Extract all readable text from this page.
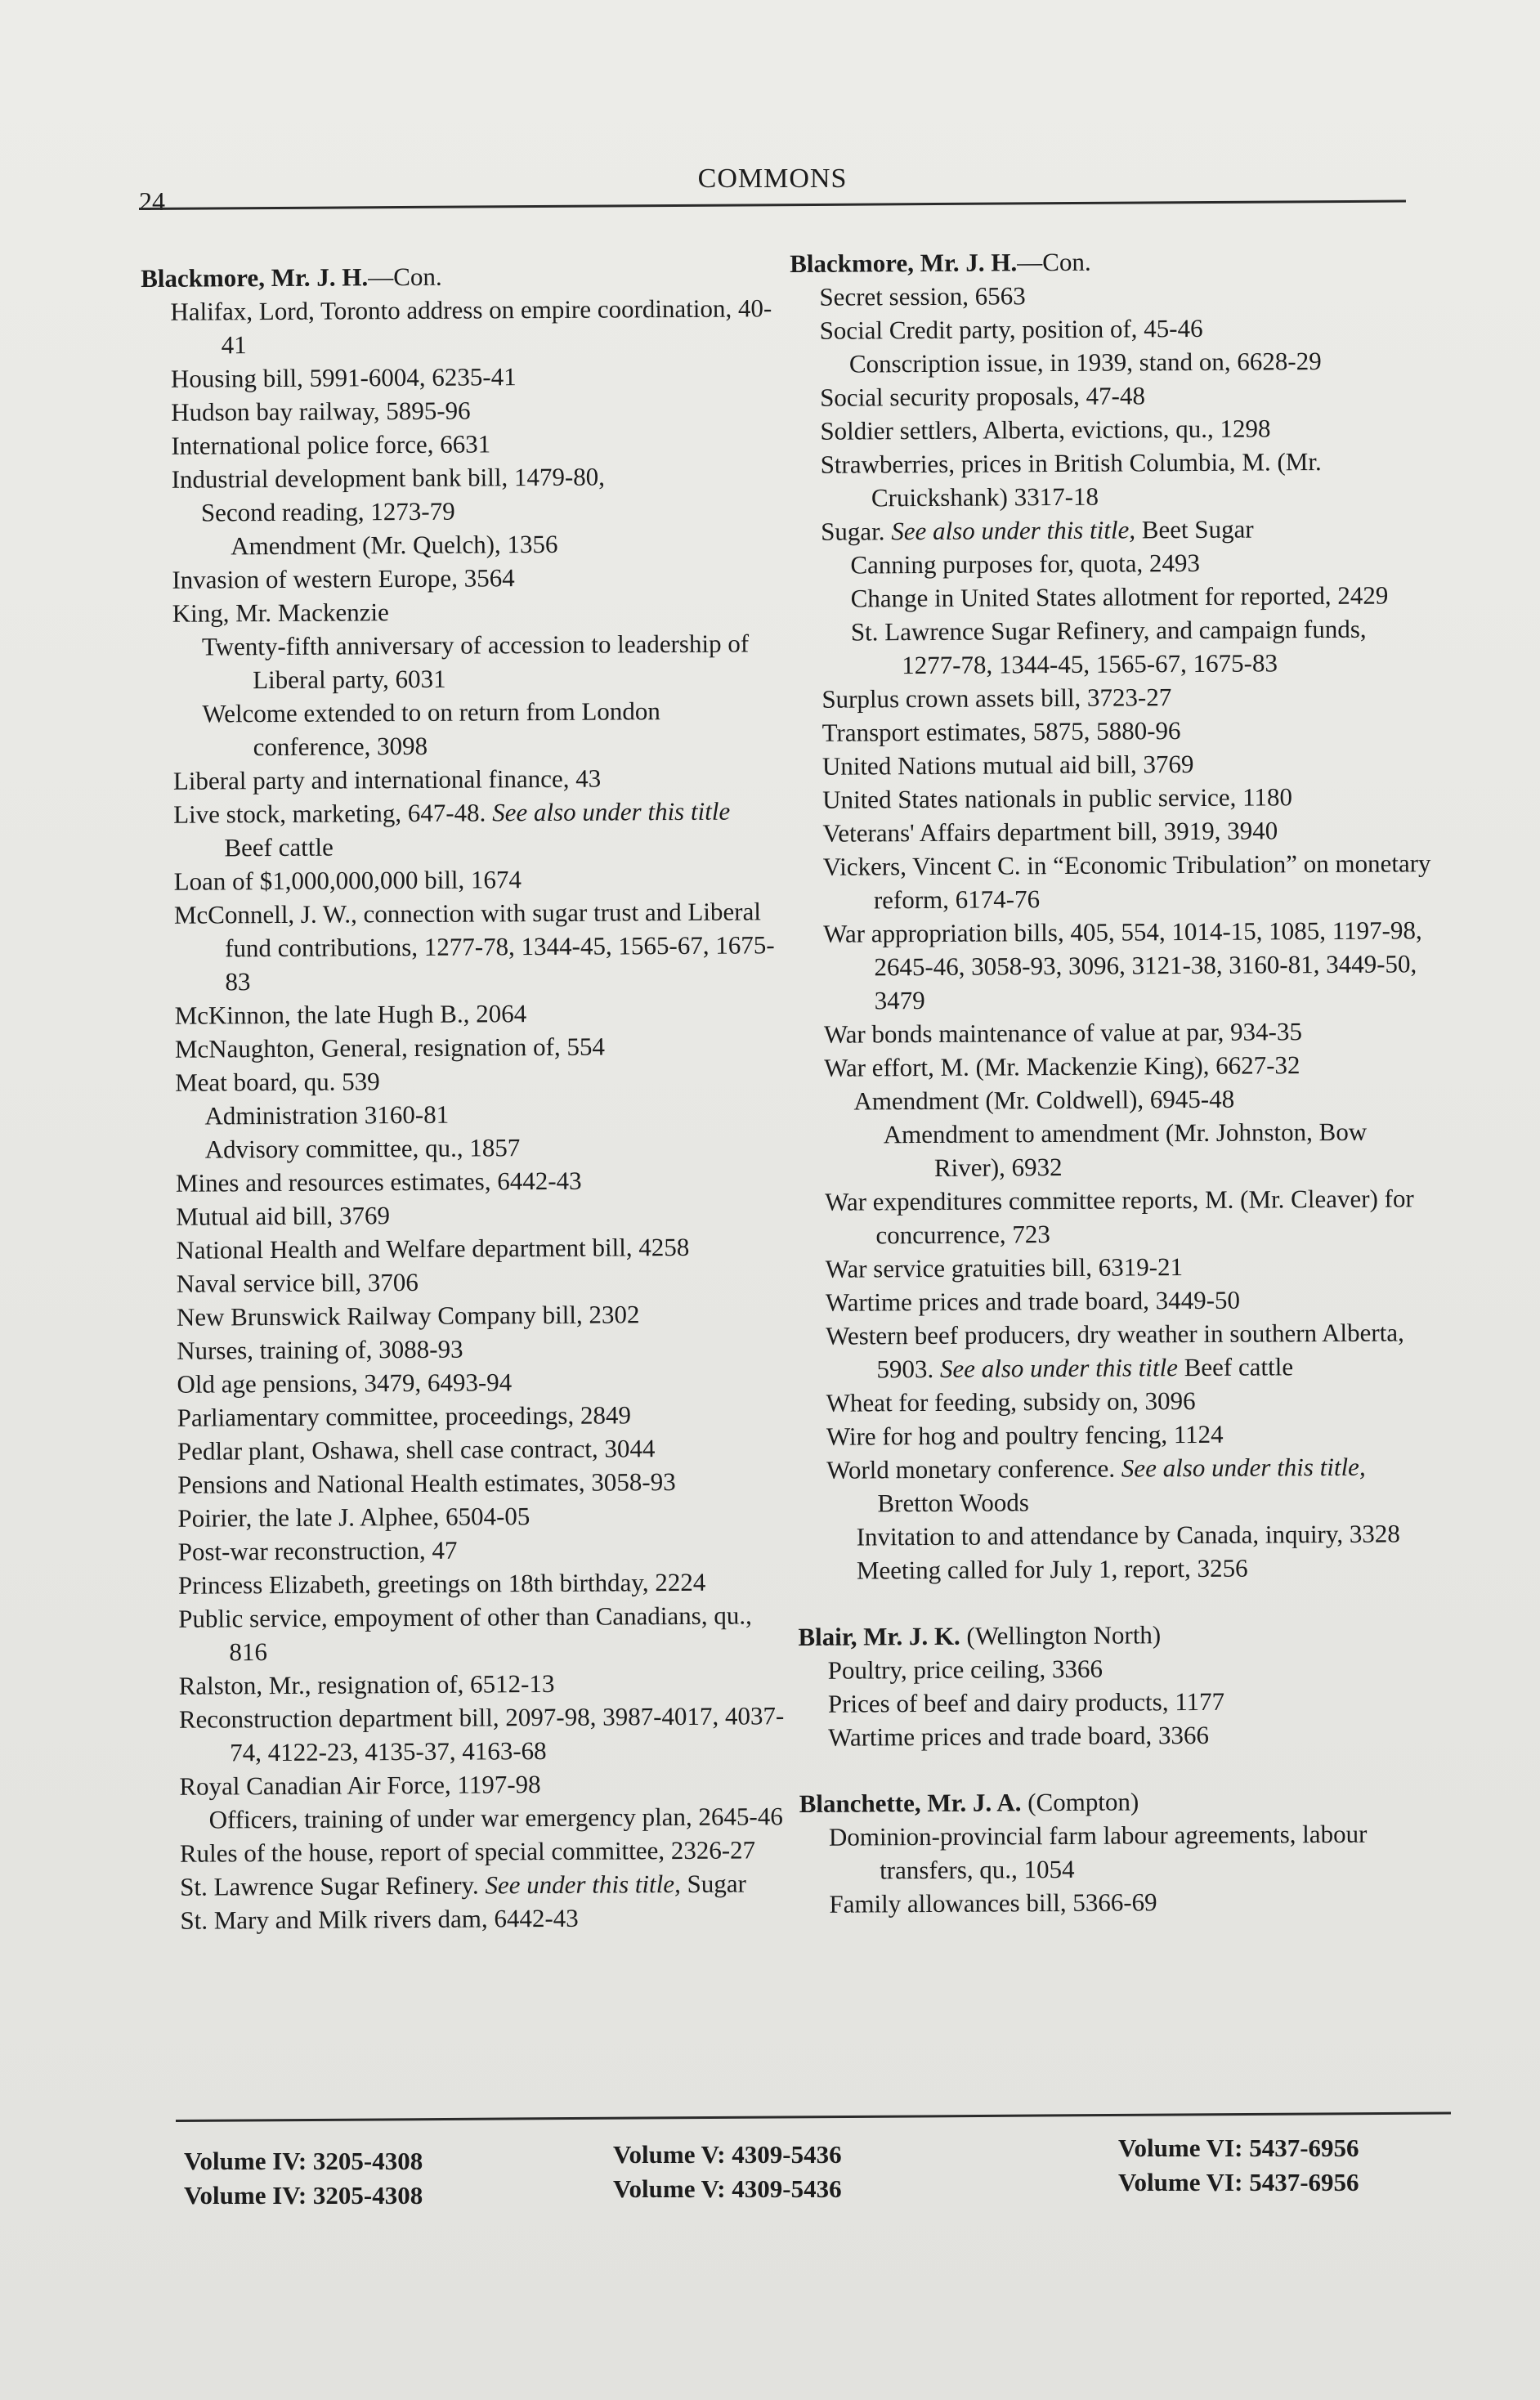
24
COMMONS

Blackmore, Mr. J. H.—Con.

Halifax, Lord, Toronto address on empire coordination, 40-41

Housing bill, 5991-6004, 6235-41

Hudson bay railway, 5895-96

International police force, 6631

Industrial development bank bill, 1479-80,

Second reading, 1273-79

Amendment (Mr. Quelch), 1356

Invasion of western Europe, 3564

King, Mr. Mackenzie

Twenty-fifth anniversary of accession to leadership of Liberal party, 6031

Welcome extended to on return from London conference, 3098

Liberal party and international finance, 43

Live stock, marketing, 647-48. See also under this title Beef cattle

Loan of $1,000,000,000 bill, 1674

McConnell, J. W., connection with sugar trust and Liberal fund contributions, 1277-78, 1344-45, 1565-67, 1675-83

McKinnon, the late Hugh B., 2064

McNaughton, General, resignation of, 554

Meat board, qu. 539

Administration 3160-81

Advisory committee, qu., 1857

Mines and resources estimates, 6442-43

Mutual aid bill, 3769

National Health and Welfare department bill, 4258

Naval service bill, 3706

New Brunswick Railway Company bill, 2302

Nurses, training of, 3088-93

Old age pensions, 3479, 6493-94

Parliamentary committee, proceedings, 2849

Pedlar plant, Oshawa, shell case contract, 3044

Pensions and National Health estimates, 3058-93

Poirier, the late J. Alphee, 6504-05

Post-war reconstruction, 47

Princess Elizabeth, greetings on 18th birthday, 2224

Public service, empoyment of other than Canadians, qu., 816

Ralston, Mr., resignation of, 6512-13

Reconstruction department bill, 2097-98, 3987-4017, 4037-74, 4122-23, 4135-37, 4163-68

Royal Canadian Air Force, 1197-98

Officers, training of under war emergency plan, 2645-46

Rules of the house, report of special committee, 2326-27

St. Lawrence Sugar Refinery. See under this title, Sugar

St. Mary and Milk rivers dam, 6442-43

Blackmore, Mr. J. H.—Con.

Secret session, 6563

Social Credit party, position of, 45-46

Conscription issue, in 1939, stand on, 6628-29

Social security proposals, 47-48

Soldier settlers, Alberta, evictions, qu., 1298

Strawberries, prices in British Columbia, M. (Mr. Cruickshank) 3317-18

Sugar. See also under this title, Beet Sugar

Canning purposes for, quota, 2493

Change in United States allotment for reported, 2429

St. Lawrence Sugar Refinery, and campaign funds, 1277-78, 1344-45, 1565-67, 1675-83

Surplus crown assets bill, 3723-27

Transport estimates, 5875, 5880-96

United Nations mutual aid bill, 3769

United States nationals in public service, 1180

Veterans' Affairs department bill, 3919, 3940

Vickers, Vincent C. in “Economic Tribulation” on monetary reform, 6174-76

War appropriation bills, 405, 554, 1014-15, 1085, 1197-98, 2645-46, 3058-93, 3096, 3121-38, 3160-81, 3449-50, 3479

War bonds maintenance of value at par, 934-35

War effort, M. (Mr. Mackenzie King), 6627-32

Amendment (Mr. Coldwell), 6945-48

Amendment to amendment (Mr. Johnston, Bow River), 6932

War expenditures committee reports, M. (Mr. Cleaver) for concurrence, 723

War service gratuities bill, 6319-21

Wartime prices and trade board, 3449-50

Western beef producers, dry weather in southern Alberta, 5903. See also under this title Beef cattle

Wheat for feeding, subsidy on, 3096

Wire for hog and poultry fencing, 1124

World monetary conference. See also under this title, Bretton Woods

Invitation to and attendance by Canada, inquiry, 3328

Meeting called for July 1, report, 3256

Blair, Mr. J. K. (Wellington North)

Poultry, price ceiling, 3366

Prices of beef and dairy products, 1177

Wartime prices and trade board, 3366

Blanchette, Mr. J. A. (Compton)

Dominion-provincial farm labour agreements, labour transfers, qu., 1054

Family allowances bill, 5366-69

Volume IV: 3205-4308
Volume IV: 3205-4308
Volume V: 4309-5436
Volume V: 4309-5436
Volume VI: 5437-6956
Volume VI: 5437-6956
